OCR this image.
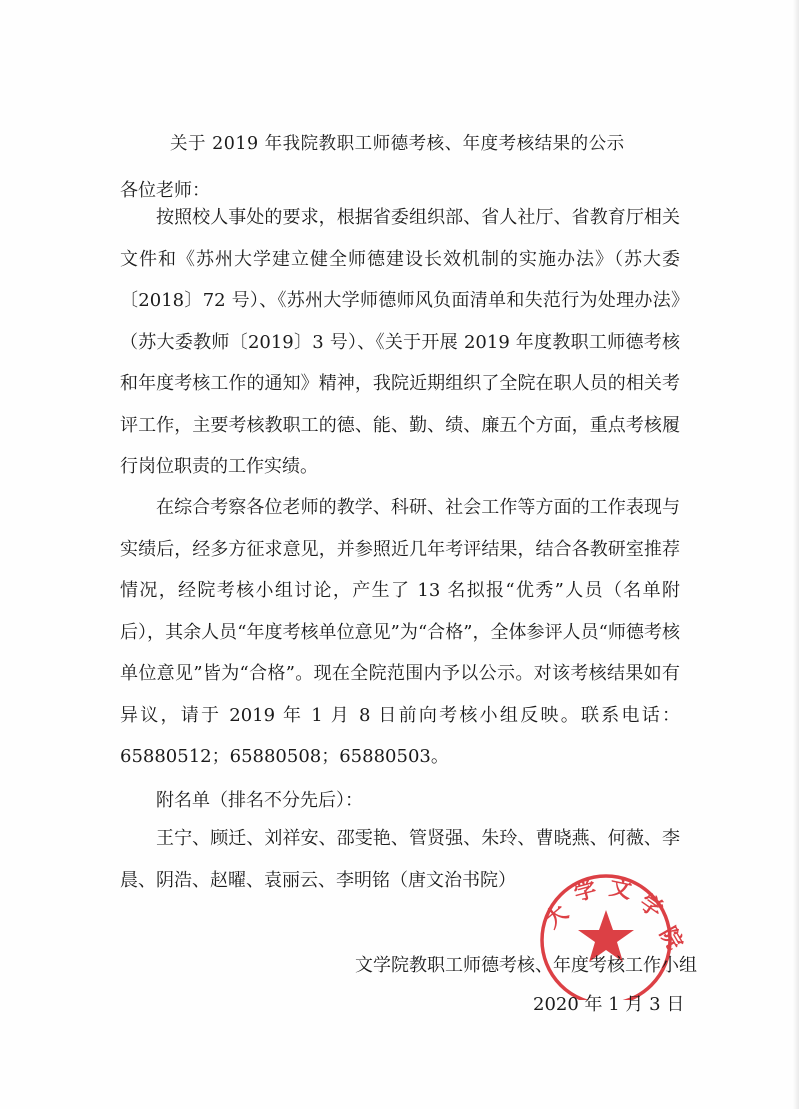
关于 2019 年我院教职工师德考核、年度考核结果的公示
各位老师：
按照校人事处的要求，根据省委组织部、省人社厅、省教育厅相关文件和《苏州大学建立健全师德建设长效机制的实施办法》（苏大委〔2018〕72 号）、《苏州大学师德师风负面清单和失范行为处理办法》（苏大委教师〔2019〕3 号）、《关于开展 2019 年度教职工师德考核和年度考核工作的通知》精神，我院近期组织了全院在职人员的相关考评工作，主要考核教职工的德、能、勤、绩、廉五个方面，重点考核履行岗位职责的工作实绩。
在综合考察各位老师的教学、科研、社会工作等方面的工作表现与实绩后，经多方征求意见，并参照近几年考评结果，结合各教研室推荐情况，经院考核小组讨论，产生了 13 名拟报“优秀”人员（名单附后），其余人员“年度考核单位意见”为“合格”，全体参评人员“师德考核单位意见”皆为“合格”。现在全院范围内予以公示。对该考核结果如有异议，请于 2019 年 1 月 8 日前向考核小组反映。联系电话：65880512；65880508；65880503。
附名单（排名不分先后）：
王宁、顾迁、刘祥安、邵雯艳、管贤强、朱玲、曹晓燕、何薇、李晨、阴浩、赵曜、袁丽云、李明铭（唐文治书院）
大
学 文
学
院
文学院教职工师德考核、年度考核工作小组
2020 年 1 月 3 日
